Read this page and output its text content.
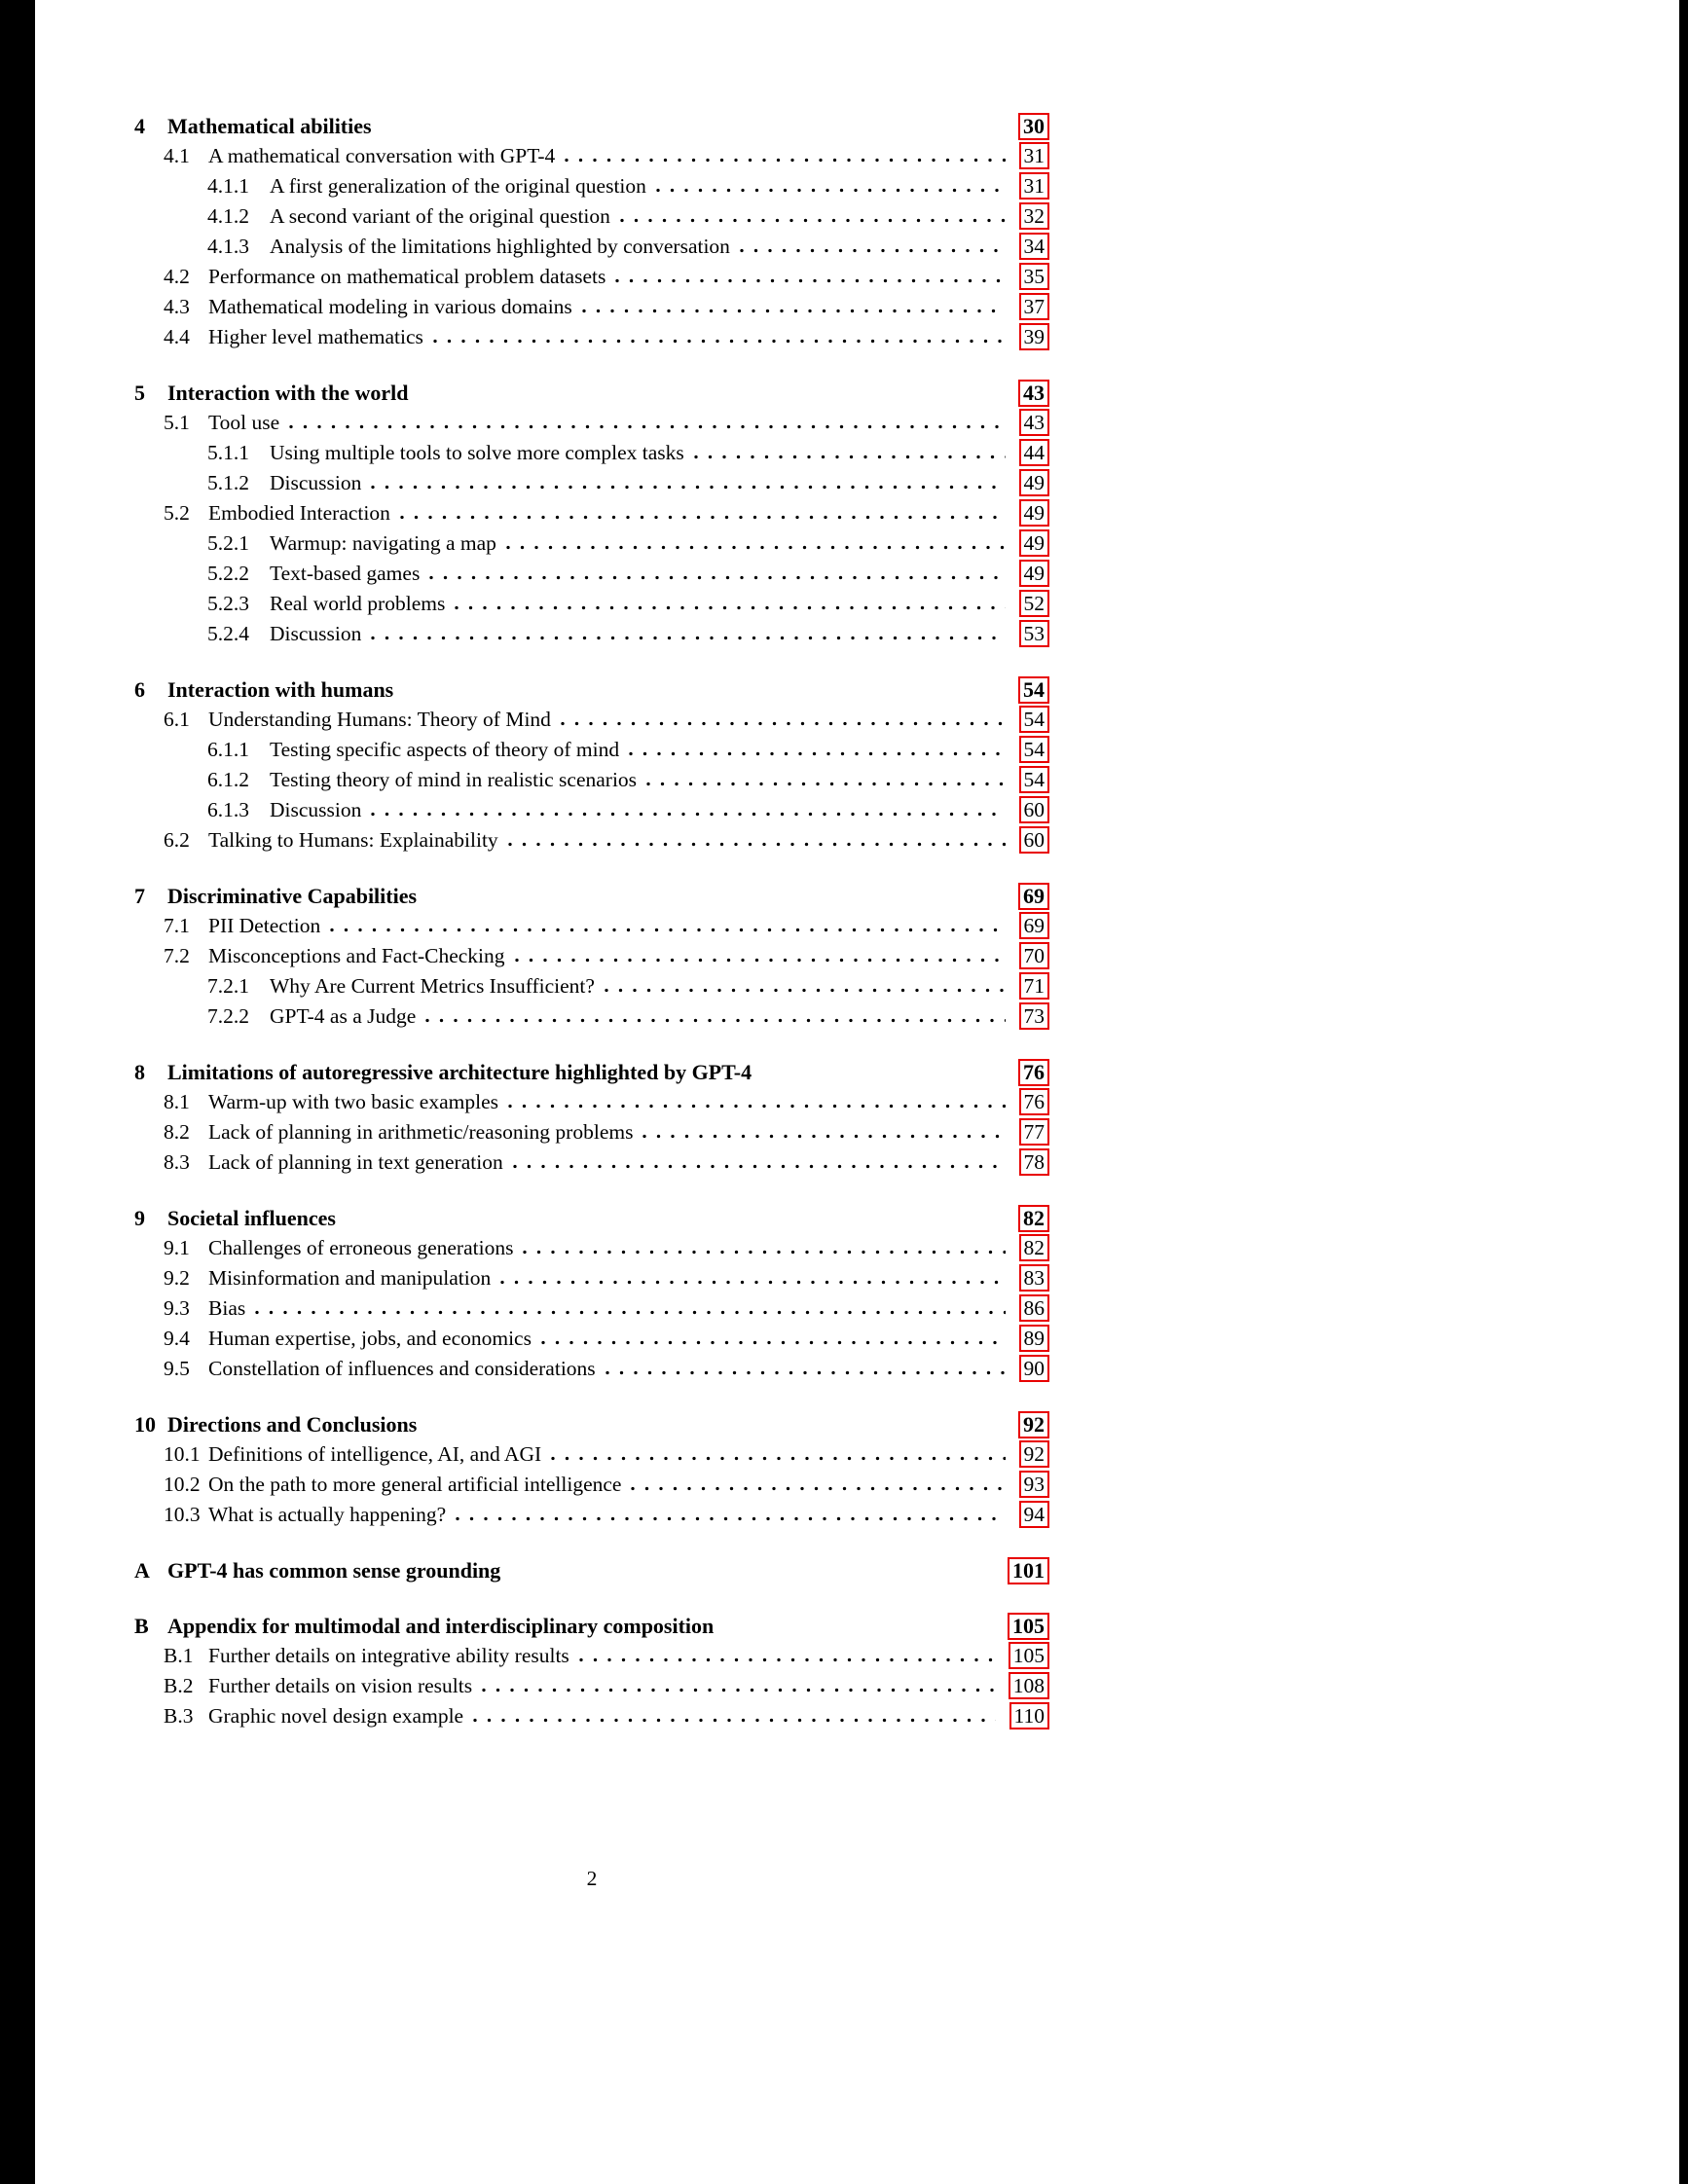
4	Mathematical abilities	30
4.1 A mathematical conversation with GPT-4	31
4.1.1 A first generalization of the original question	31
4.1.2 A second variant of the original question	32
4.1.3 Analysis of the limitations highlighted by conversation	34
4.2 Performance on mathematical problem datasets	35
4.3 Mathematical modeling in various domains	37
4.4 Higher level mathematics	39
5	Interaction with the world	43
5.1 Tool use	43
5.1.1 Using multiple tools to solve more complex tasks	44
5.1.2 Discussion	49
5.2 Embodied Interaction	49
5.2.1 Warmup: navigating a map	49
5.2.2 Text-based games	49
5.2.3 Real world problems	52
5.2.4 Discussion	53
6	Interaction with humans	54
6.1 Understanding Humans: Theory of Mind	54
6.1.1 Testing specific aspects of theory of mind	54
6.1.2 Testing theory of mind in realistic scenarios	54
6.1.3 Discussion	60
6.2 Talking to Humans: Explainability	60
7	Discriminative Capabilities	69
7.1 PII Detection	69
7.2 Misconceptions and Fact-Checking	70
7.2.1 Why Are Current Metrics Insufficient?	71
7.2.2 GPT-4 as a Judge	73
8	Limitations of autoregressive architecture highlighted by GPT-4	76
8.1 Warm-up with two basic examples	76
8.2 Lack of planning in arithmetic/reasoning problems	77
8.3 Lack of planning in text generation	78
9	Societal influences	82
9.1 Challenges of erroneous generations	82
9.2 Misinformation and manipulation	83
9.3 Bias	86
9.4 Human expertise, jobs, and economics	89
9.5 Constellation of influences and considerations	90
10 Directions and Conclusions	92
10.1 Definitions of intelligence, AI, and AGI	92
10.2 On the path to more general artificial intelligence	93
10.3 What is actually happening?	94
A GPT-4 has common sense grounding	101
B Appendix for multimodal and interdisciplinary composition	105
B.1 Further details on integrative ability results	105
B.2 Further details on vision results	108
B.3 Graphic novel design example	110
2
